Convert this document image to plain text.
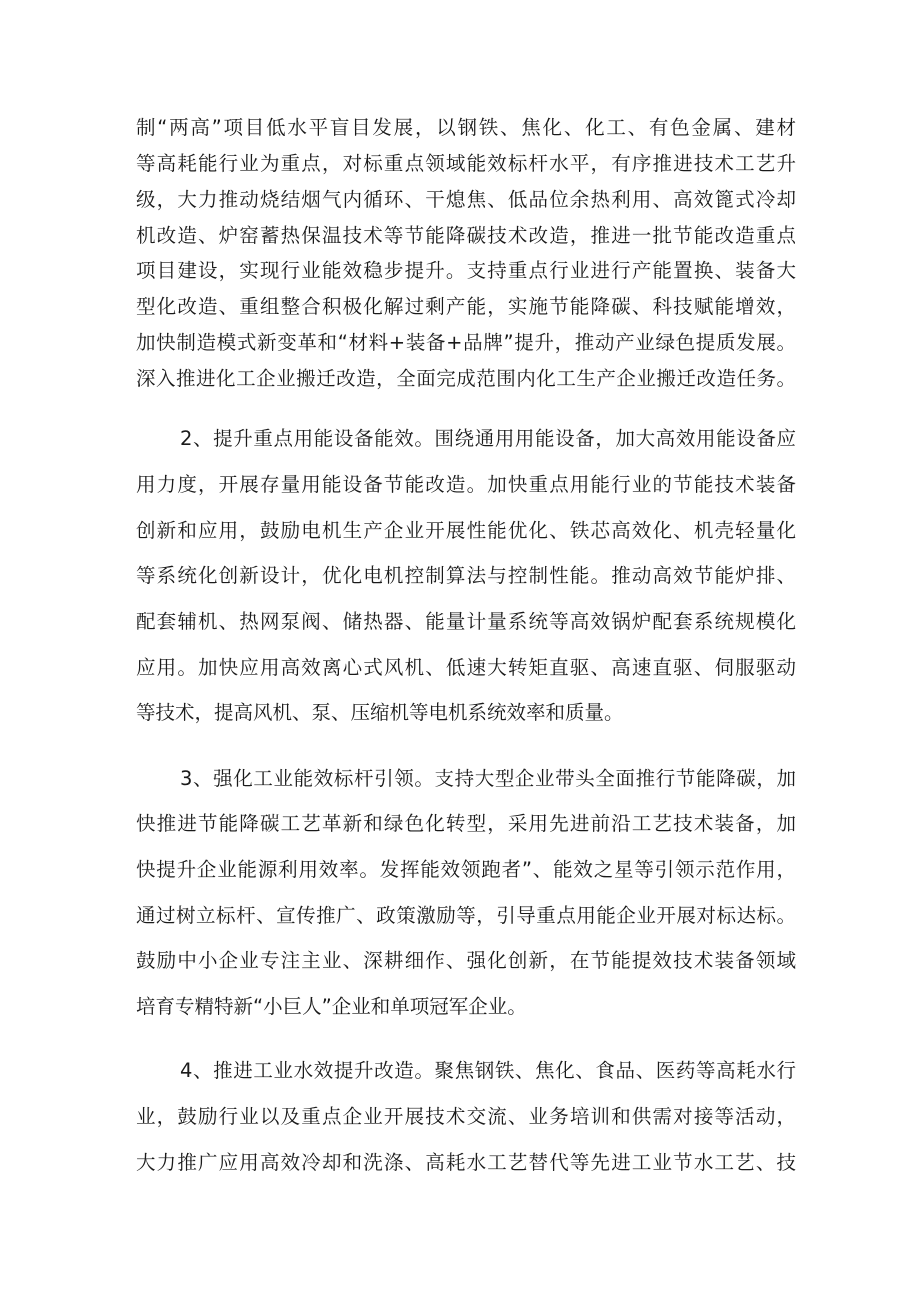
制“两高”项目低水平盲目发展，以钢铁、焦化、化工、有色金属、建材
等高耗能行业为重点，对标重点领域能效标杆水平，有序推进技术工艺升
级，大力推动烧结烟气内循环、干熄焦、低品位余热利用、高效篦式冷却
机改造、炉窑蓄热保温技术等节能降碳技术改造，推进一批节能改造重点
项目建设，实现行业能效稳步提升。支持重点行业进行产能置换、装备大
型化改造、重组整合积极化解过剩产能，实施节能降碳、科技赋能增效，
加快制造模式新变革和“材料+装备+品牌”提升，推动产业绿色提质发展。
深入推进化工企业搬迁改造，全面完成范围内化工生产企业搬迁改造任务。
2、提升重点用能设备能效。围绕通用用能设备，加大高效用能设备应
用力度，开展存量用能设备节能改造。加快重点用能行业的节能技术装备
创新和应用，鼓励电机生产企业开展性能优化、铁芯高效化、机壳轻量化
等系统化创新设计，优化电机控制算法与控制性能。推动高效节能炉排、
配套辅机、热网泵阀、储热器、能量计量系统等高效锅炉配套系统规模化
应用。加快应用高效离心式风机、低速大转矩直驱、高速直驱、伺服驱动
等技术，提高风机、泵、压缩机等电机系统效率和质量。
3、强化工业能效标杆引领。支持大型企业带头全面推行节能降碳，加
快推进节能降碳工艺革新和绿色化转型，采用先进前沿工艺技术装备，加
快提升企业能源利用效率。发挥能效领跑者”、能效之星等引领示范作用，
通过树立标杆、宣传推广、政策激励等，引导重点用能企业开展对标达标。
鼓励中小企业专注主业、深耕细作、强化创新，在节能提效技术装备领域
培育专精特新“小巨人”企业和单项冠军企业。
4、推进工业水效提升改造。聚焦钢铁、焦化、食品、医药等高耗水行
业，鼓励行业以及重点企业开展技术交流、业务培训和供需对接等活动，
大力推广应用高效冷却和洗涤、高耗水工艺替代等先进工业节水工艺、技
